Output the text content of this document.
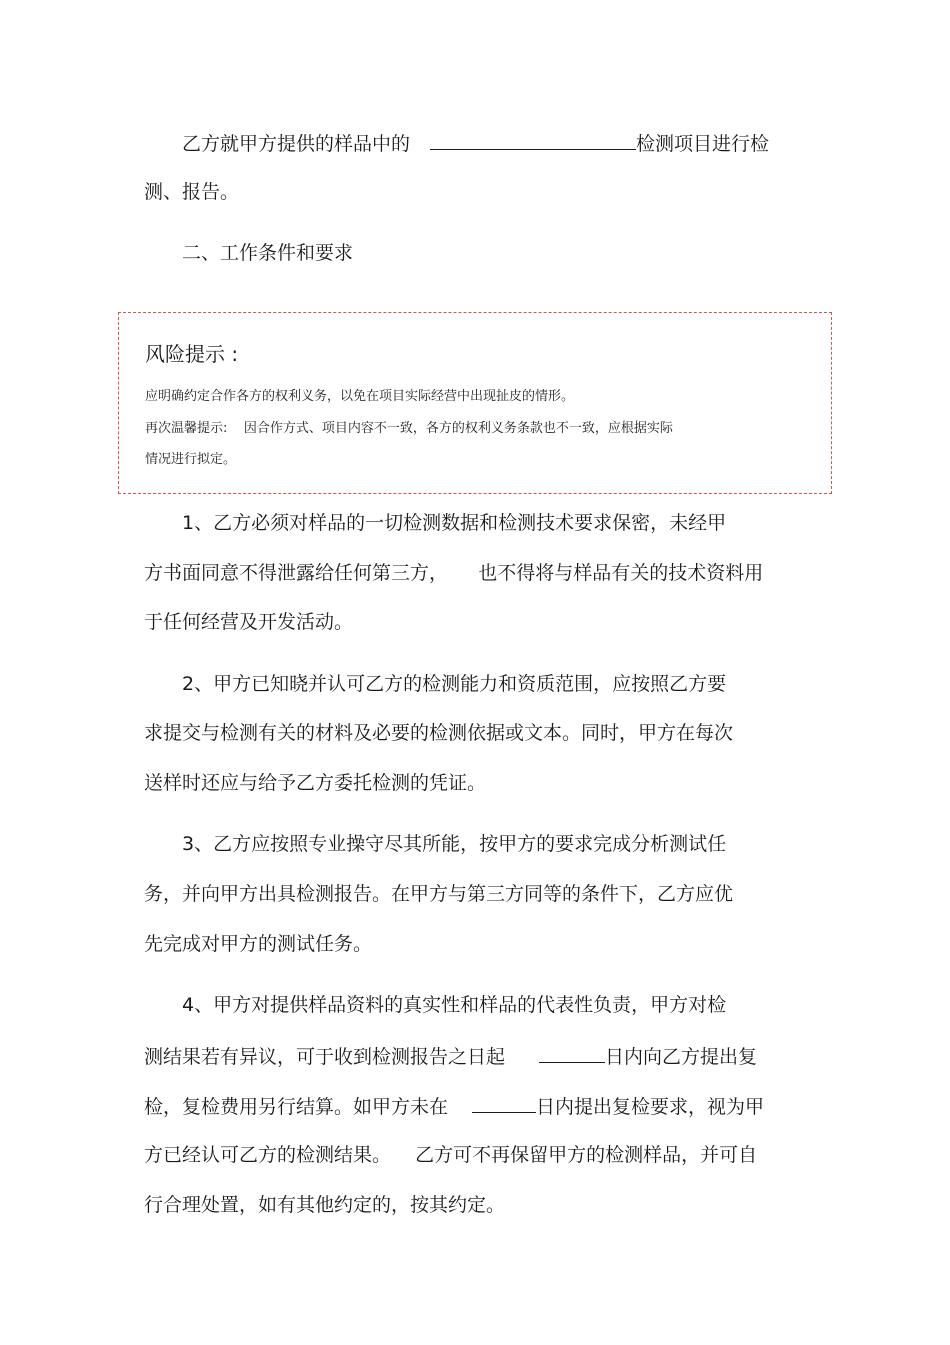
乙方就甲方提供的样品中的	检测项目进行检
测、报告。
二、工作条件和要求
风险提示 :
应明确约定合作各方的权利义务，以免在项目实际经营中出现扯皮的情形。
再次温馨提示:    因合作方式、项目内容不一致，各方的权利义务条款也不一致，应根据实际
情况进行拟定。
1、乙方必须对样品的一切检测数据和检测技术要求保密，未经甲
方书面同意不得泄露给任何第三方，     也不得将与样品有关的技术资料用
于任何经营及开发活动。
2、甲方已知晓并认可乙方的检测能力和资质范围，应按照乙方要
求提交与检测有关的材料及必要的检测依据或文本。同时，甲方在每次
送样时还应与给予乙方委托检测的凭证。
3、乙方应按照专业操守尽其所能，按甲方的要求完成分析测试任
务，并向甲方出具检测报告。在甲方与第三方同等的条件下，乙方应优
先完成对甲方的测试任务。
4、甲方对提供样品资料的真实性和样品的代表性负责，甲方对检
测结果若有异议，可于收到检测报告之日起	日内向乙方提出复
检，复检费用另行结算。如甲方未在	日内提出复检要求，视为甲
方已经认可乙方的检测结果。    乙方可不再保留甲方的检测样品，并可自
行合理处置，如有其他约定的，按其约定。
